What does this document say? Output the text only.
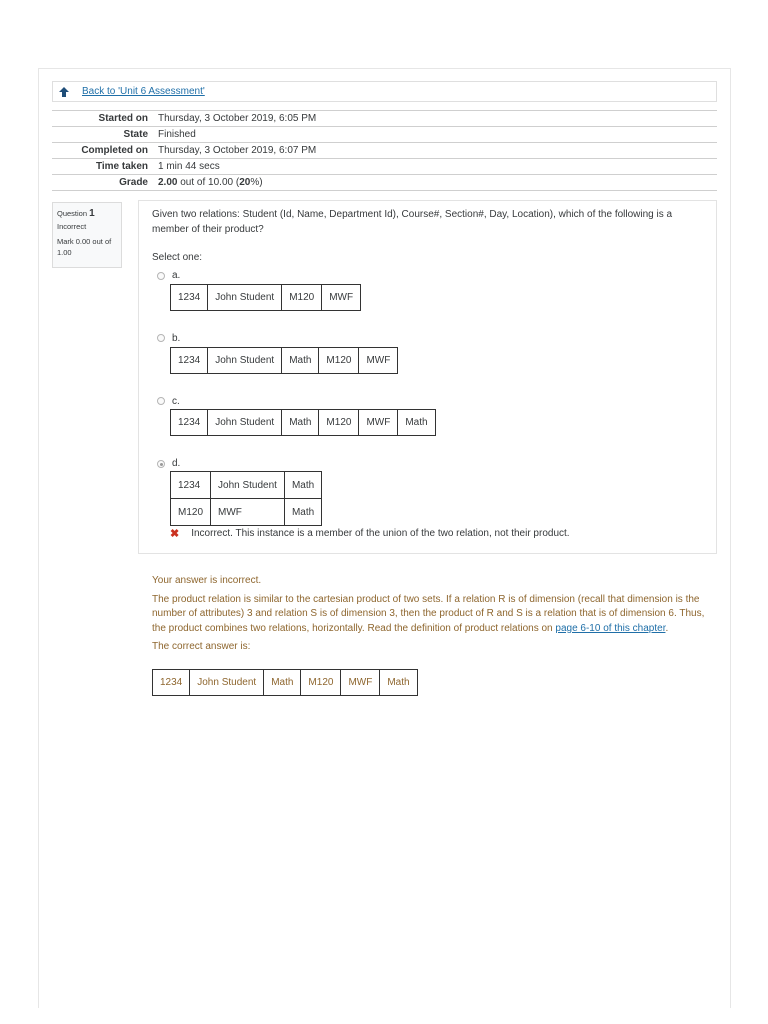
Back to 'Unit 6 Assessment'
Started on	Thursday, 3 October 2019, 6:05 PM
State	Finished
Completed on	Thursday, 3 October 2019, 6:07 PM
Time taken	1 min 44 secs
Grade	2.00 out of 10.00 (20%)
Question 1
Incorrect
Mark 0.00 out of 1.00
Given two relations: Student (Id, Name, Department Id), Course#, Section#, Day, Location), which of the following is a member of their product?
Select one:
a.
1234	John Student	M120	MWF
b.
1234	John Student	Math	M120	MWF
c.
1234	John Student	Math	M120	MWF	Math
d.
1234	John Student	Math
M120	MWF	Math
✖ Incorrect. This instance is a member of the union of the two relation, not their product.

Your answer is incorrect.

The product relation is similar to the cartesian product of two sets. If a relation R is of dimension (recall that dimension is the number of attributes) 3 and relation S is of dimension 3, then the product of R and S is a relation that is of dimension 6. Thus, the product combines two relations, horizontally. Read the definition of product relations on page 6-10 of this chapter.

The correct answer is:

1234	John Student	Math	M120	MWF	Math
